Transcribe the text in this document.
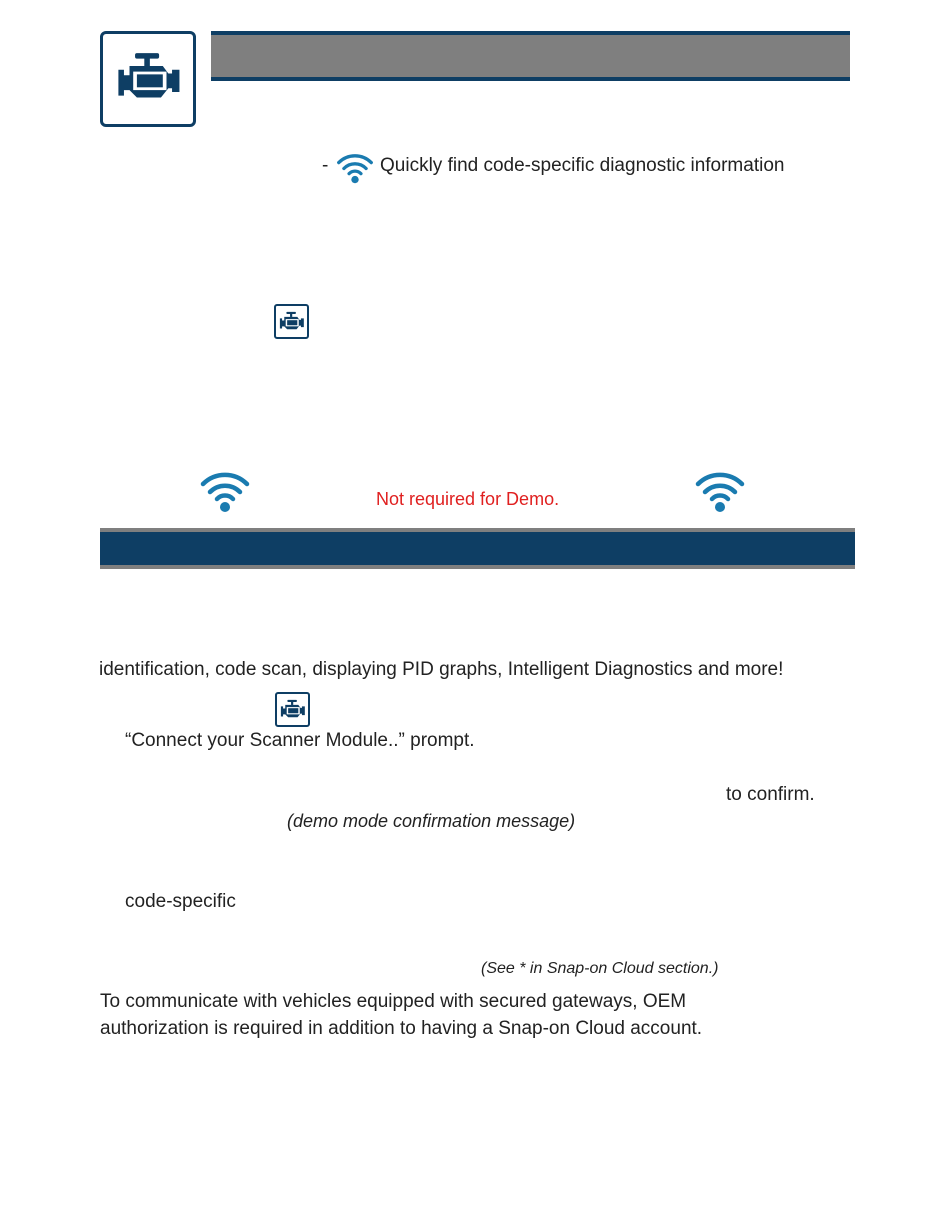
-	Quickly find code-specific diagnostic information
Not required for Demo.
identification, code scan, displaying PID graphs, Intelligent Diagnostics and more!
“Connect your Scanner Module..” prompt.
to confirm.
(demo mode confirmation message)
code-specific
(See * in Snap-on Cloud section.)
To communicate with vehicles equipped with secured gateways, OEM
authorization is required in addition to having a Snap-on Cloud account.
